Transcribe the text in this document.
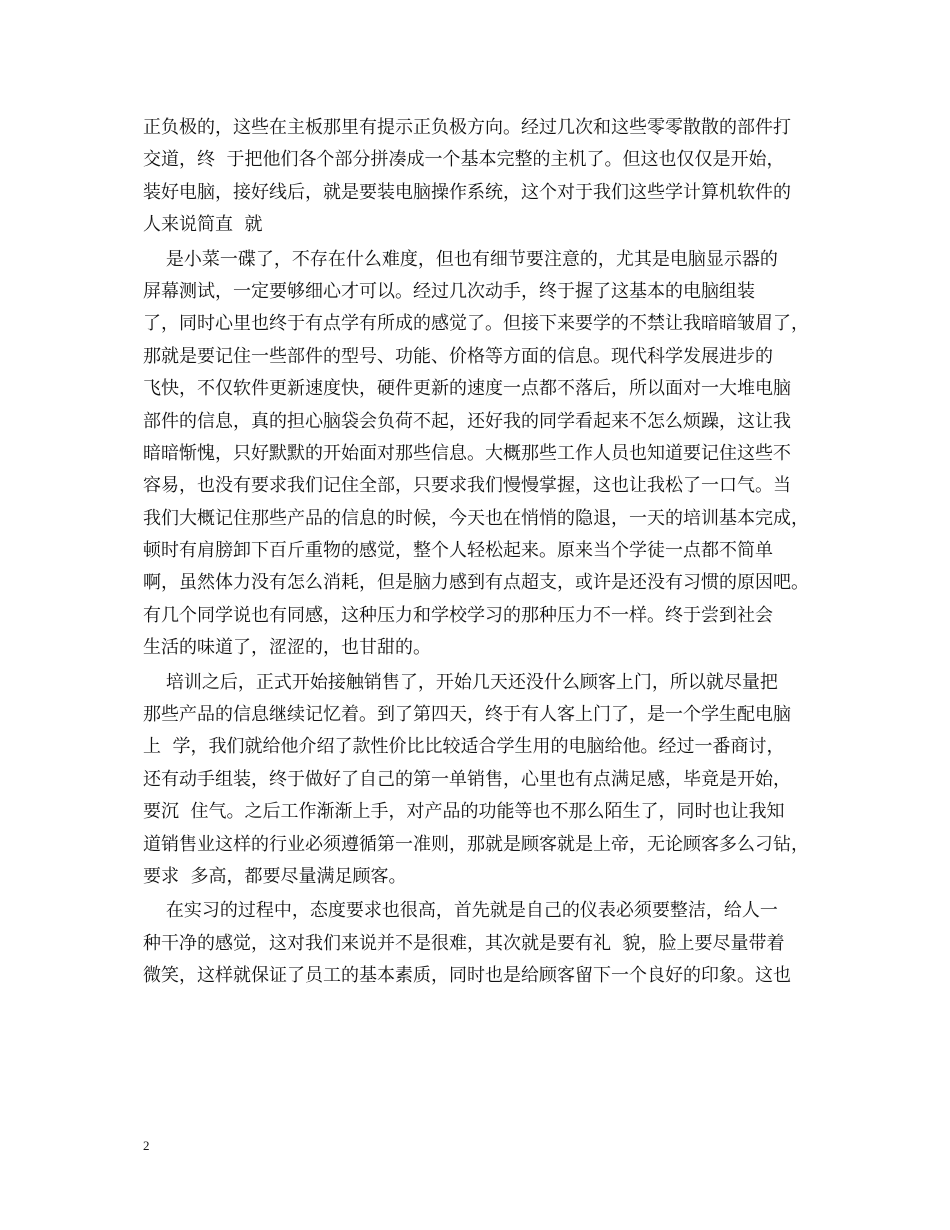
正负极的，这些在主板那里有提示正负极方向。经过几次和这些零零散散的部件打
交道，终  于把他们各个部分拼凑成一个基本完整的主机了。但这也仅仅是开始，
装好电脑，接好线后，就是要装电脑操作系统，这个对于我们这些学计算机软件的
人来说简直  就
是小菜一碟了，不存在什么难度，但也有细节要注意的，尤其是电脑显示器的
屏幕测试，一定要够细心才可以。经过几次动手，终于握了这基本的电脑组装
了，同时心里也终于有点学有所成的感觉了。但接下来要学的不禁让我暗暗皱眉了，
那就是要记住一些部件的型号、功能、价格等方面的信息。现代科学发展进步的
飞快，不仅软件更新速度快，硬件更新的速度一点都不落后，所以面对一大堆电脑
部件的信息，真的担心脑袋会负荷不起，还好我的同学看起来不怎么烦躁，这让我
暗暗惭愧，只好默默的开始面对那些信息。大概那些工作人员也知道要记住这些不
容易，也没有要求我们记住全部，只要求我们慢慢掌握，这也让我松了一口气。当
我们大概记住那些产品的信息的时候，今天也在悄悄的隐退，一天的培训基本完成，
顿时有肩膀卸下百斤重物的感觉，整个人轻松起来。原来当个学徒一点都不简单
啊，虽然体力没有怎么消耗，但是脑力感到有点超支，或许是还没有习惯的原因吧。
有几个同学说也有同感，这种压力和学校学习的那种压力不一样。终于尝到社会
生活的味道了，涩涩的，也甘甜的。
培训之后，正式开始接触销售了，开始几天还没什么顾客上门，所以就尽量把
那些产品的信息继续记忆着。到了第四天，终于有人客上门了，是一个学生配电脑
上  学，我们就给他介绍了款性价比比较适合学生用的电脑给他。经过一番商讨，
还有动手组装，终于做好了自己的第一单销售，心里也有点满足感，毕竟是开始，
要沉  住气。之后工作渐渐上手，对产品的功能等也不那么陌生了，同时也让我知
道销售业这样的行业必须遵循第一准则，那就是顾客就是上帝，无论顾客多么刁钻，
要求  多高，都要尽量满足顾客。
在实习的过程中，态度要求也很高，首先就是自己的仪表必须要整洁，给人一
种干净的感觉，这对我们来说并不是很难，其次就是要有礼  貌，脸上要尽量带着
微笑，这样就保证了员工的基本素质，同时也是给顾客留下一个良好的印象。这也
2
